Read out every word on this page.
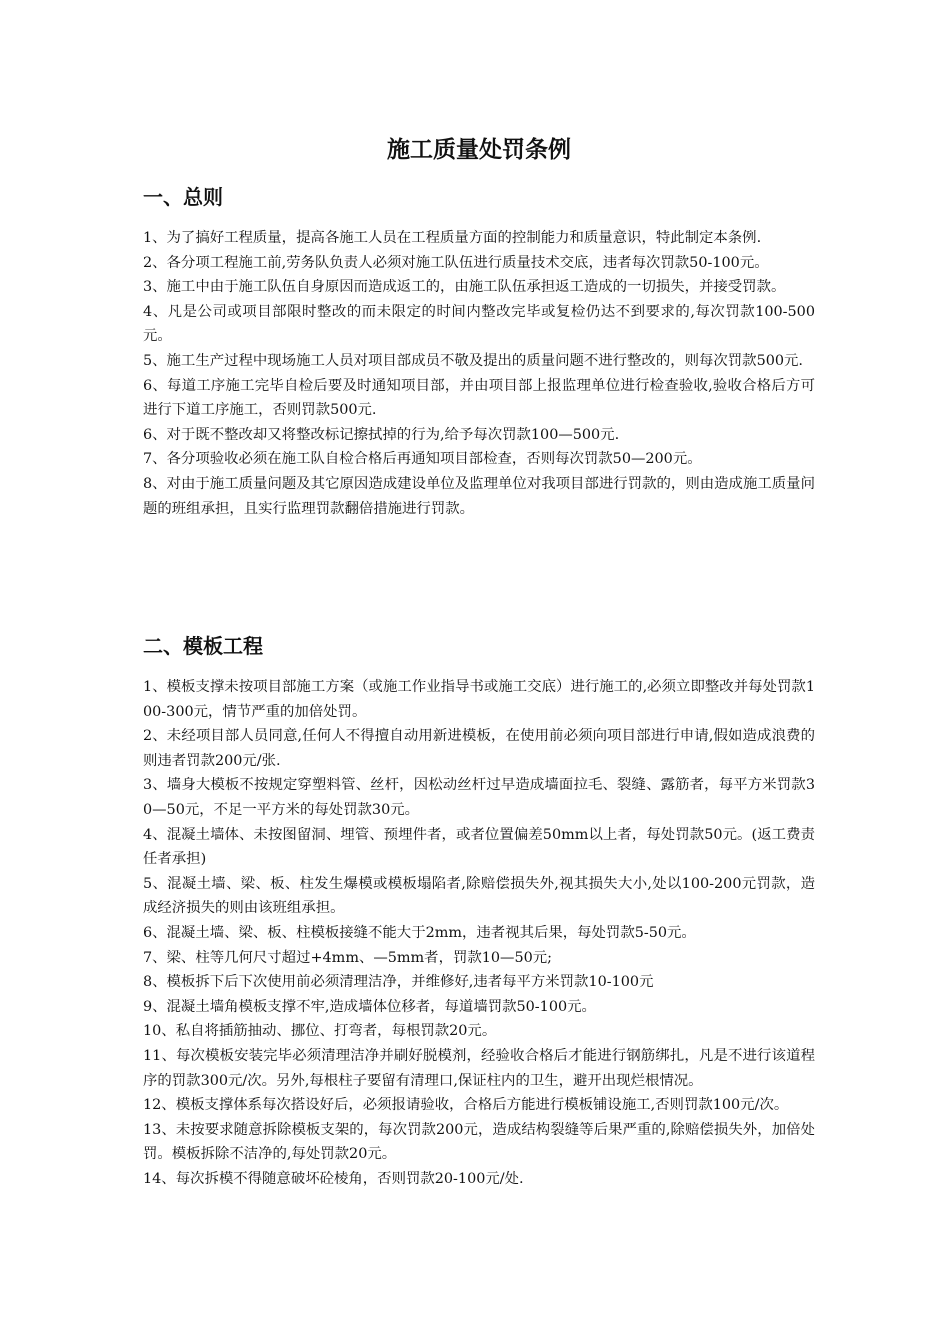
施工质量处罚条例
一、总则
1、为了搞好工程质量，提高各施工人员在工程质量方面的控制能力和质量意识，特此制定本条例.
2、各分项工程施工前,劳务队负责人必须对施工队伍进行质量技术交底，违者每次罚款50-100元。
3、施工中由于施工队伍自身原因而造成返工的，由施工队伍承担返工造成的一切损失，并接受罚款。
4、凡是公司或项目部限时整改的而未限定的时间内整改完毕或复检仍达不到要求的,每次罚款100-500元。
5、施工生产过程中现场施工人员对项目部成员不敬及提出的质量问题不进行整改的，则每次罚款500元.
6、每道工序施工完毕自检后要及时通知项目部，并由项目部上报监理单位进行检查验收,验收合格后方可进行下道工序施工，否则罚款500元.
6、对于既不整改却又将整改标记擦拭掉的行为,给予每次罚款100—500元.
7、各分项验收必须在施工队自检合格后再通知项目部检查，否则每次罚款50—200元。
8、对由于施工质量问题及其它原因造成建设单位及监理单位对我项目部进行罚款的，则由造成施工质量问题的班组承担，且实行监理罚款翻倍措施进行罚款。
二、模板工程
1、模板支撑未按项目部施工方案（或施工作业指导书或施工交底）进行施工的,必须立即整改并每处罚款100-300元，情节严重的加倍处罚。
2、未经项目部人员同意,任何人不得擅自动用新进模板，在使用前必须向项目部进行申请,假如造成浪费的则违者罚款200元/张.
3、墙身大模板不按规定穿塑料管、丝杆，因松动丝杆过早造成墙面拉毛、裂缝、露筋者，每平方米罚款30—50元，不足一平方米的每处罚款30元。
4、混凝土墙体、未按图留洞、埋管、预埋件者，或者位置偏差50mm以上者，每处罚款50元。(返工费责任者承担)
5、混凝土墙、梁、板、柱发生爆模或模板塌陷者,除赔偿损失外,视其损失大小,处以100-200元罚款，造成经济损失的则由该班组承担。
6、混凝土墙、梁、板、柱模板接缝不能大于2mm，违者视其后果，每处罚款5-50元。
7、梁、柱等几何尺寸超过+4mm、—5mm者，罚款10—50元;
8、模板拆下后下次使用前必须清理洁净，并维修好,违者每平方米罚款10-100元
9、混凝土墙角模板支撑不牢,造成墙体位移者，每道墙罚款50-100元。
10、私自将插筋抽动、挪位、打弯者，每根罚款20元。
11、每次模板安装完毕必须清理洁净并刷好脱模剂，经验收合格后才能进行钢筋绑扎，凡是不进行该道程序的罚款300元/次。另外,每根柱子要留有清理口,保证柱内的卫生，避开出现烂根情况。
12、模板支撑体系每次搭设好后，必须报请验收，合格后方能进行模板铺设施工,否则罚款100元/次。
13、未按要求随意拆除模板支架的，每次罚款200元，造成结构裂缝等后果严重的,除赔偿损失外，加倍处罚。模板拆除不洁净的,每处罚款20元。
14、每次拆模不得随意破坏砼棱角，否则罚款20-100元/处.
